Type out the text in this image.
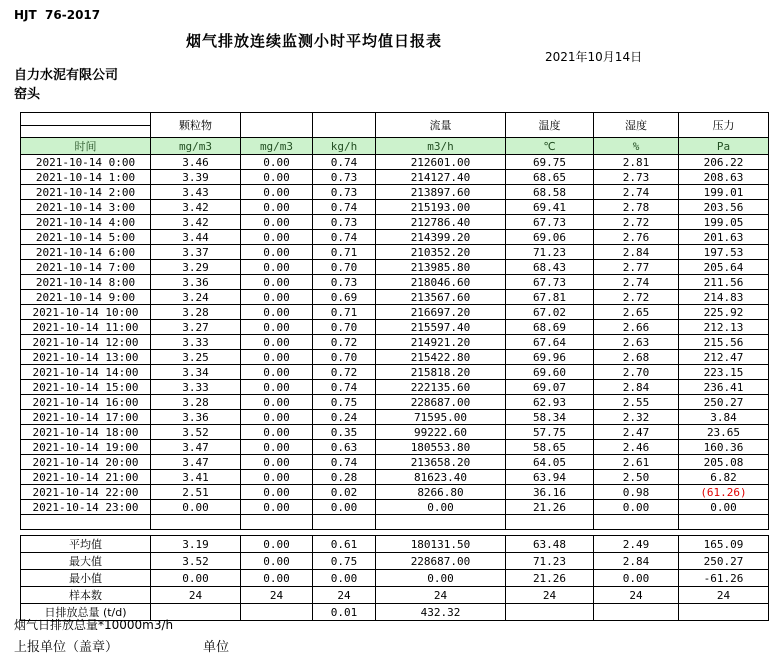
HJT  76-2017
烟气排放连续监测小时平均值日报表
2021年10月14日
自力水泥有限公司
窑头
	颗粒物			流量	温度	湿度	压力

时间	mg/m3	mg/m3	kg/h	m3/h	℃	%	Pa
2021-10-14 0:00	3.46	0.00	0.74	212601.00	69.75	2.81	206.22
2021-10-14 1:00	3.39	0.00	0.73	214127.40	68.65	2.73	208.63
2021-10-14 2:00	3.43	0.00	0.73	213897.60	68.58	2.74	199.01
2021-10-14 3:00	3.42	0.00	0.74	215193.00	69.41	2.78	203.56
2021-10-14 4:00	3.42	0.00	0.73	212786.40	67.73	2.72	199.05
2021-10-14 5:00	3.44	0.00	0.74	214399.20	69.06	2.76	201.63
2021-10-14 6:00	3.37	0.00	0.71	210352.20	71.23	2.84	197.53
2021-10-14 7:00	3.29	0.00	0.70	213985.80	68.43	2.77	205.64
2021-10-14 8:00	3.36	0.00	0.73	218046.60	67.73	2.74	211.56
2021-10-14 9:00	3.24	0.00	0.69	213567.60	67.81	2.72	214.83
2021-10-14 10:00	3.28	0.00	0.71	216697.20	67.02	2.65	225.92
2021-10-14 11:00	3.27	0.00	0.70	215597.40	68.69	2.66	212.13
2021-10-14 12:00	3.33	0.00	0.72	214921.20	67.64	2.63	215.56
2021-10-14 13:00	3.25	0.00	0.70	215422.80	69.96	2.68	212.47
2021-10-14 14:00	3.34	0.00	0.72	215818.20	69.60	2.70	223.15
2021-10-14 15:00	3.33	0.00	0.74	222135.60	69.07	2.84	236.41
2021-10-14 16:00	3.28	0.00	0.75	228687.00	62.93	2.55	250.27
2021-10-14 17:00	3.36	0.00	0.24	71595.00	58.34	2.32	3.84
2021-10-14 18:00	3.52	0.00	0.35	99222.60	57.75	2.47	23.65
2021-10-14 19:00	3.47	0.00	0.63	180553.80	58.65	2.46	160.36
2021-10-14 20:00	3.47	0.00	0.74	213658.20	64.05	2.61	205.08
2021-10-14 21:00	3.41	0.00	0.28	81623.40	63.94	2.50	6.82
2021-10-14 22:00	2.51	0.00	0.02	8266.80	36.16	0.98	(61.26)
2021-10-14 23:00	0.00	0.00	0.00	0.00	21.26	0.00	0.00

平均值	3.19	0.00	0.61	180131.50	63.48	2.49	165.09
最大值	3.52	0.00	0.75	228687.00	71.23	2.84	250.27
最小值	0.00	0.00	0.00	0.00	21.26	0.00	-61.26
样本数	24	24	24	24	24	24	24
日排放总量 (t/d)			0.01	432.32			
烟气日排放总量*10000m3/h
上报单位（盖章）	单位
